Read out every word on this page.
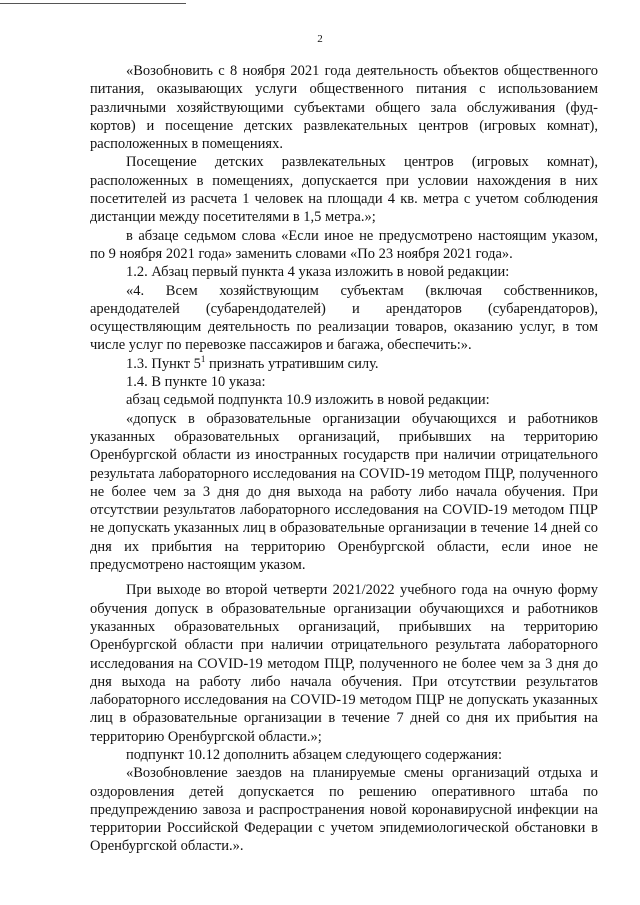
2

«Возобновить с 8 ноября 2021 года деятельность объектов общественного питания, оказывающих услуги общественного питания с использованием различными хозяйствующими субъектами общего зала обслуживания (фуд-кортов) и посещение детских развлекательных центров (игровых комнат), расположенных в помещениях.

Посещение детских развлекательных центров (игровых комнат), расположенных в помещениях, допускается при условии нахождения в них посетителей из расчета 1 человек на площади 4 кв. метра с учетом соблюдения дистанции между посетителями в 1,5 метра.»;

в абзаце седьмом слова «Если иное не предусмотрено настоящим указом, по 9 ноября 2021 года» заменить словами «По 23 ноября 2021 года».

1.2. Абзац первый пункта 4 указа изложить в новой редакции:

«4. Всем хозяйствующим субъектам (включая собственников, арендодателей (субарендодателей) и арендаторов (субарендаторов), осуществляющим деятельность по реализации товаров, оказанию услуг, в том числе услуг по перевозке пассажиров и багажа, обеспечить:».

1.3. Пункт $5^1$ признать утратившим силу.

1.4. В пункте 10 указа:

абзац седьмой подпункта 10.9 изложить в новой редакции:

«допуск в образовательные организации обучающихся и работников указанных образовательных организаций, прибывших на территорию Оренбургской области из иностранных государств при наличии отрицательного результата лабораторного исследования на COVID-19 методом ПЦР, полученного не более чем за 3 дня до дня выхода на работу либо начала обучения. При отсутствии результатов лабораторного исследования на COVID-19 методом ПЦР не допускать указанных лиц в образовательные организации в течение 14 дней со дня их прибытия на территорию Оренбургской области, если иное не предусмотрено настоящим указом.

При выходе во второй четверти 2021/2022 учебного года на очную форму обучения допуск в образовательные организации обучающихся и работников указанных образовательных организаций, прибывших на территорию Оренбургской области при наличии отрицательного результата лабораторного исследования на COVID-19 методом ПЦР, полученного не более чем за 3 дня до дня выхода на работу либо начала обучения. При отсутствии результатов лабораторного исследования на COVID-19 методом ПЦР не допускать указанных лиц в образовательные организации в течение 7 дней со дня их прибытия на территорию Оренбургской области.»;

подпункт 10.12 дополнить абзацем следующего содержания:

«Возобновление заездов на планируемые смены организаций отдыха и оздоровления детей допускается по решению оперативного штаба по предупреждению завоза и распространения новой коронавирусной инфекции на территории Российской Федерации с учетом эпидемиологической обстановки в Оренбургской области.».
